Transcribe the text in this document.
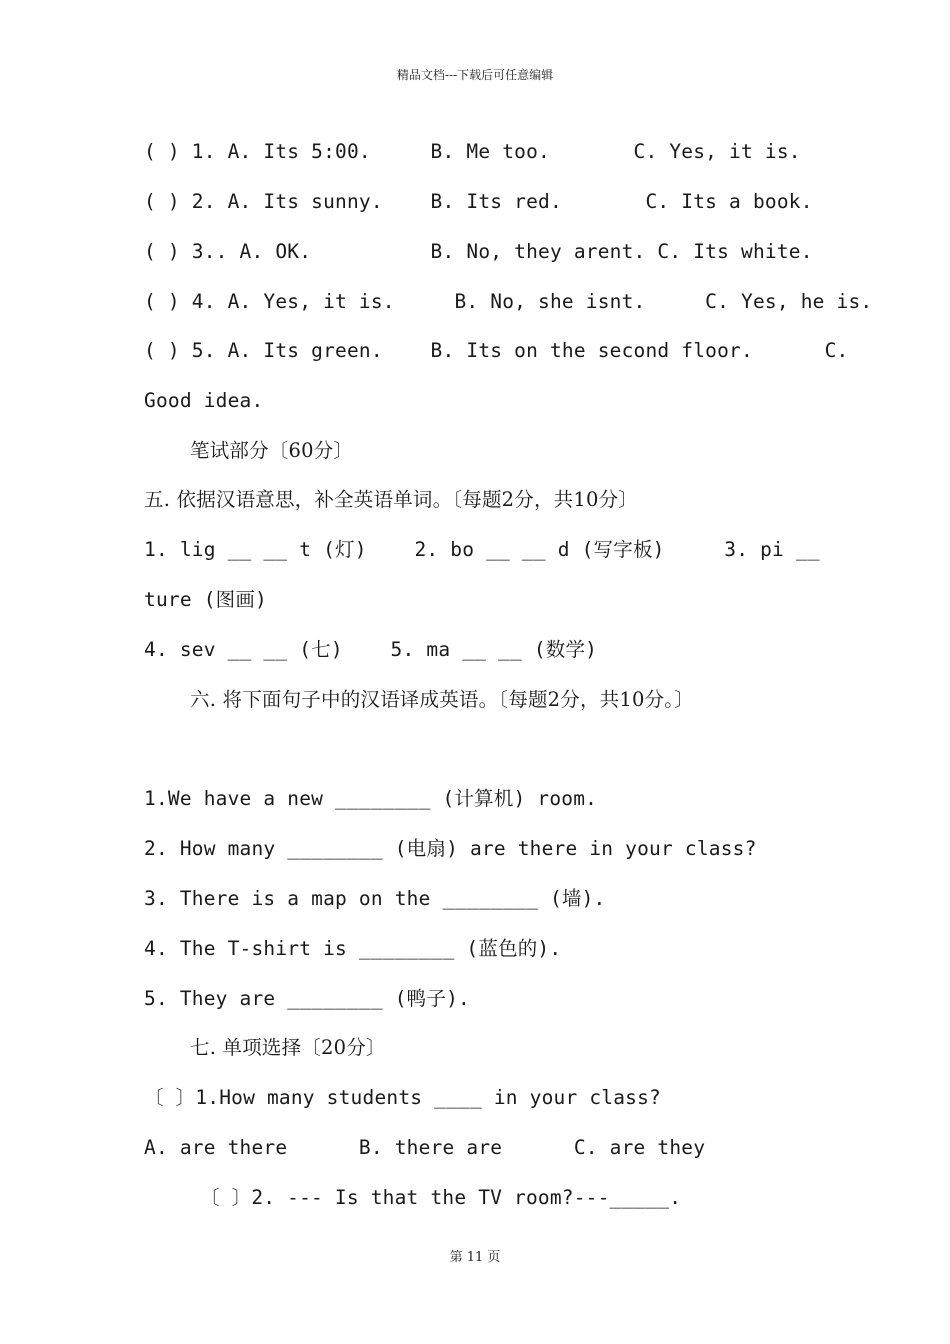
精品文档---下载后可任意编辑
( ) 1. A. Its 5:00.     B. Me too.       C. Yes, it is.
( ) 2. A. Its sunny.    B. Its red.       C. Its a book.
( ) 3.. A. OK.          B. No, they arent. C. Its white.
( ) 4. A. Yes, it is.     B. No, she isnt.     C. Yes, he is.
( ) 5. A. Its green.    B. Its on the second floor.      C.
Good idea.
笔试部分〔60分〕
五. 依据汉语意思，补全英语单词。〔每题2分，共10分〕
1. lig __ __ t (灯)    2. bo __ __ d (写字板)     3. pi __
ture (图画)
4. sev __ __ (七)    5. ma __ __ (数学)
六. 将下面句子中的汉语译成英语。〔每题2分，共10分。〕
1.We have a new ________ (计算机) room.
2. How many ________ (电扇) are there in your class?
3. There is a map on the ________ (墙).
4. The T-shirt is ________ (蓝色的).
5. They are ________ (鸭子).
七. 单项选择〔20分〕
〔 〕1.How many students ____ in your class?
A. are there      B. there are      C. are they
〔 〕2. --- Is that the TV room?---_____.
第 11 页
